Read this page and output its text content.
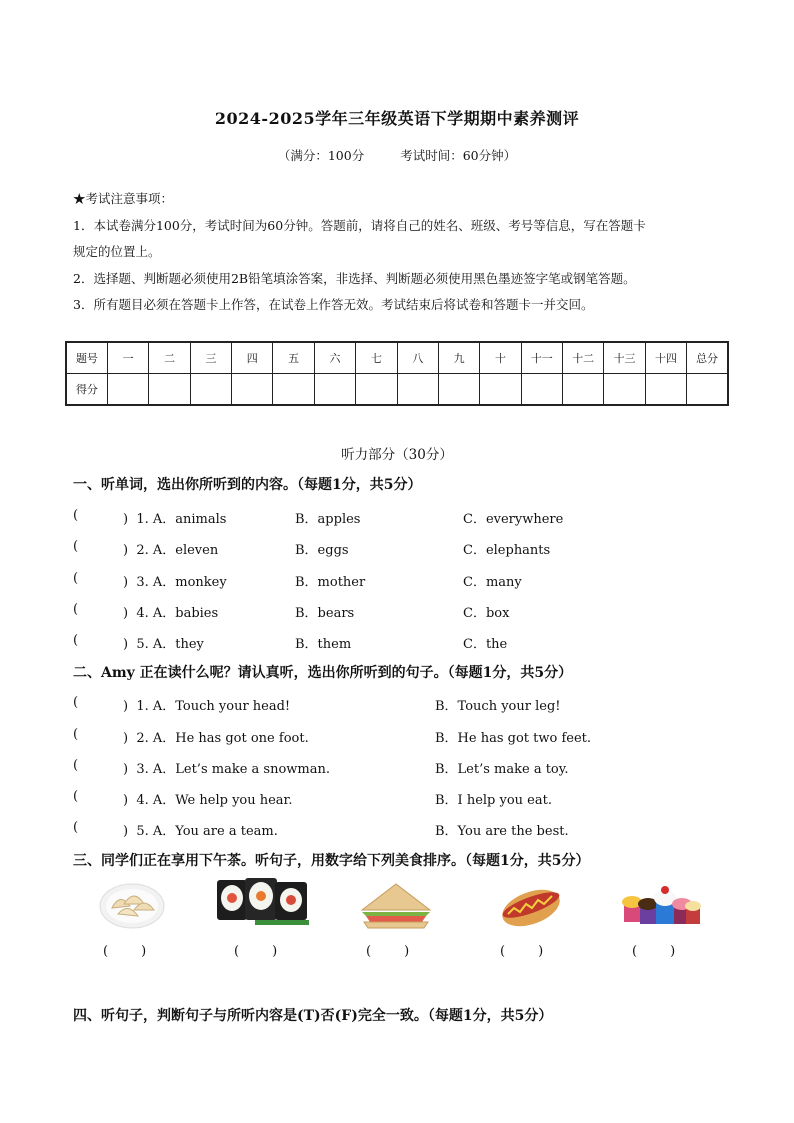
2024-2025学年三年级英语下学期期中素养测评
（满分：100分	考试时间：60分钟）

★考试注意事项：

1．本试卷满分100分，考试时间为60分钟。答题前，请将自己的姓名、班级、考号等信息，写在答题卡

规定的位置上。

2．选择题、判断题必须使用2B铅笔填涂答案，非选择、判断题必须使用黑色墨迹签字笔或钢笔答题。

3．所有题目必须在答题卡上作答，在试卷上作答无效。考试结束后将试卷和答题卡一并交回。

题号	一	二	三	四	五	六	七	八	九	十	十一	十二	十三	十四	总分
得分															
听力部分（30分）
一、听单词，选出你所听到的内容。（每题1分，共5分）
(	)  1. A．animals	B．apples	C．everywhere
(	)  2. A．eleven	B．eggs	C．elephants
(	)  3. A．monkey	B．mother	C．many
(	)  4. A．babies	B．bears	C．box
(	)  5. A．they	B．them	C．the
二、Amy 正在读什么呢？请认真听，选出你所听到的句子。（每题1分，共5分）
(	)  1. A．Touch your head!	B．Touch your leg!
(	)  2. A．He has got one foot.	B．He has got two feet.
(	)  3. A．Let’s make a snowman.	B．Let’s make a toy.
(	)  4. A．We help you hear.	B．I help you eat.
(	)  5. A．You are a team.	B．You are the best.
三、同学们正在享用下午茶。听句子，用数字给下列美食排序。（每题1分，共5分）
(        )	(        )	(        )	(        )	(        )
四、听句子，判断句子与所听内容是(T)否(F)完全一致。（每题1分，共5分）
